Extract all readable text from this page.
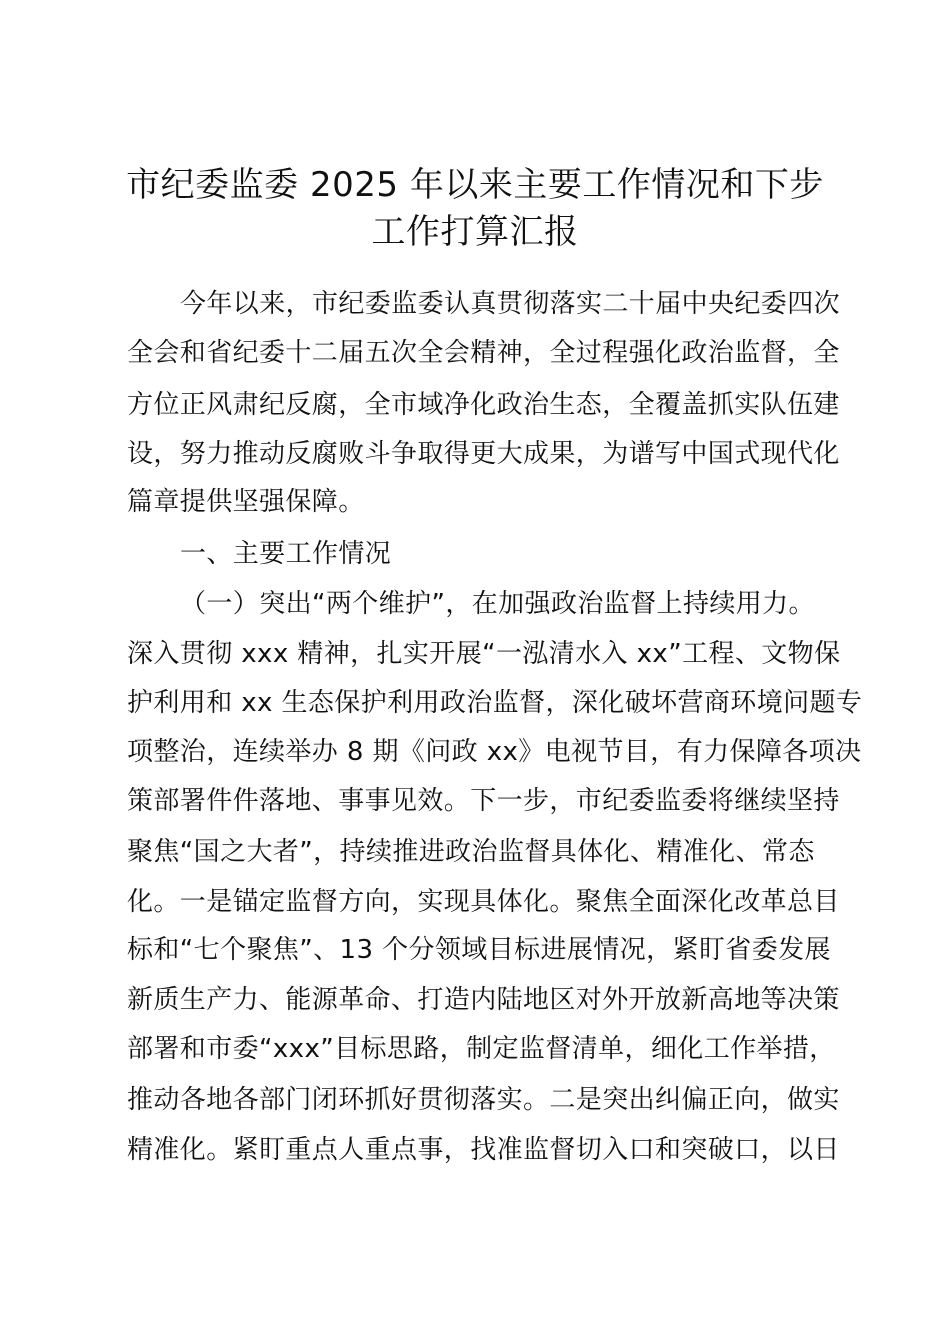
市纪委监委 2025 年以来主要工作情况和下步
工作打算汇报
今年以来，市纪委监委认真贯彻落实二十届中央纪委四次
全会和省纪委十二届五次全会精神，全过程强化政治监督，全
方位正风肃纪反腐，全市域净化政治生态，全覆盖抓实队伍建
设，努力推动反腐败斗争取得更大成果，为谱写中国式现代化
篇章提供坚强保障。
一、主要工作情况
（一）突出“两个维护”，在加强政治监督上持续用力。
深入贯彻 xxx 精神，扎实开展“一泓清水入 xx”工程、文物保
护利用和 xx 生态保护利用政治监督，深化破坏营商环境问题专
项整治，连续举办 8 期《问政 xx》电视节目，有力保障各项决
策部署件件落地、事事见效。下一步，市纪委监委将继续坚持
聚焦“国之大者”，持续推进政治监督具体化、精准化、常态
化。一是锚定监督方向，实现具体化。聚焦全面深化改革总目
标和“七个聚焦”、13 个分领域目标进展情况，紧盯省委发展
新质生产力、能源革命、打造内陆地区对外开放新高地等决策
部署和市委“xxx”目标思路，制定监督清单，细化工作举措，
推动各地各部门闭环抓好贯彻落实。二是突出纠偏正向，做实
精准化。紧盯重点人重点事，找准监督切入口和突破口，以日
